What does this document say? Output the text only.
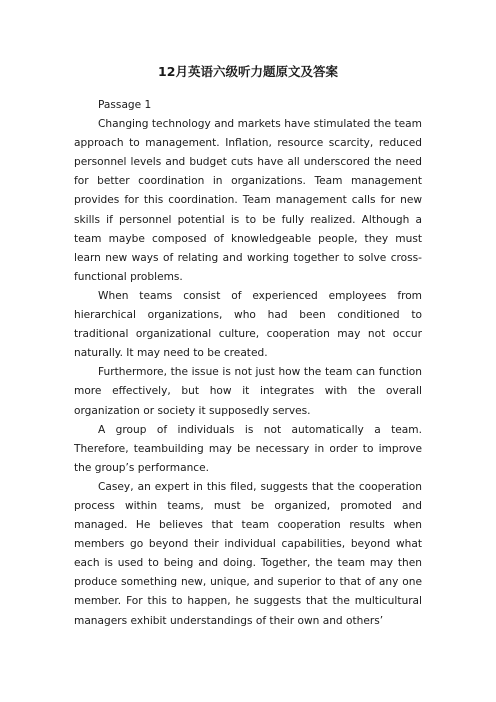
12月英语六级听力题原文及答案

Passage 1

Changing technology and markets have stimulated the team approach to management. Inflation, resource scarcity, reduced personnel levels and budget cuts have all underscored the need for better coordination in organizations. Team management provides for this coordination. Team management calls for new skills if personnel potential is to be fully realized. Although a team maybe composed of knowledgeable people, they must learn new ways of relating and working together to solve cross-functional problems.

When teams consist of experienced employees from hierarchical organizations, who had been conditioned to traditional organizational culture, cooperation may not occur naturally. It may need to be created.

Furthermore, the issue is not just how the team can function more effectively, but how it integrates with the overall organization or society it supposedly serves.

A group of individuals is not automatically a team. Therefore, teambuilding may be necessary in order to improve the group’s performance.

Casey, an expert in this filed, suggests that the cooperation process within teams, must be organized, promoted and managed. He believes that team cooperation results when members go beyond their individual capabilities, beyond what each is used to being and doing. Together, the team may then produce something new, unique, and superior to that of any one member. For this to happen, he suggests that the multicultural managers exhibit understandings of their own and others’
